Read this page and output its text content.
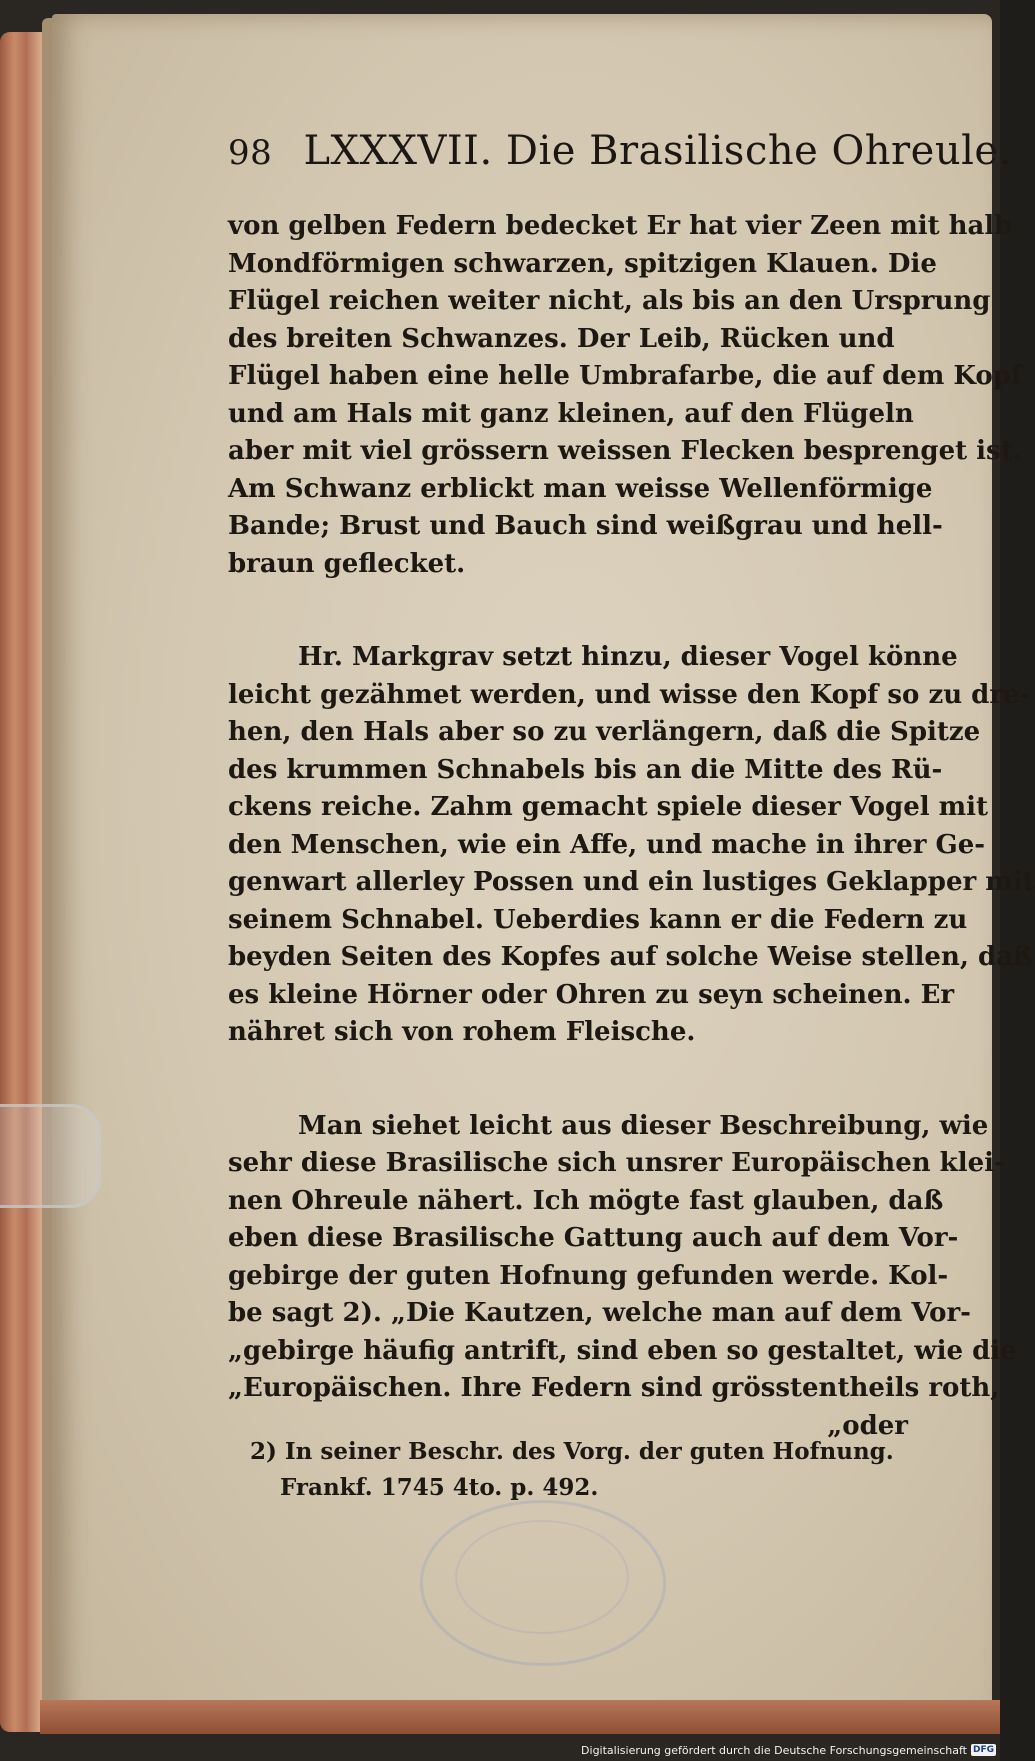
98 LXXXVII. Die Brasilische Ohreule.
von gelben Federn bedecket Er hat vier Zeen mit halb
Mondförmigen schwarzen, spitzigen Klauen. Die
Flügel reichen weiter nicht, als bis an den Ursprung
des breiten Schwanzes. Der Leib, Rücken und
Flügel haben eine helle Umbrafarbe, die auf dem Kopf
und am Hals mit ganz kleinen, auf den Flügeln
aber mit viel grössern weissen Flecken besprenget ist.
Am Schwanz erblickt man weisse Wellenförmige
Bande; Brust und Bauch sind weißgrau und hell-
braun geflecket.
Hr. Markgrav setzt hinzu, dieser Vogel könne
leicht gezähmet werden, und wisse den Kopf so zu dre-
hen, den Hals aber so zu verlängern, daß die Spitze
des krummen Schnabels bis an die Mitte des Rü-
ckens reiche. Zahm gemacht spiele dieser Vogel mit
den Menschen, wie ein Affe, und mache in ihrer Ge-
genwart allerley Possen und ein lustiges Geklapper mit
seinem Schnabel. Ueberdies kann er die Federn zu
beyden Seiten des Kopfes auf solche Weise stellen, daß
es kleine Hörner oder Ohren zu seyn scheinen. Er
nähret sich von rohem Fleische.
Man siehet leicht aus dieser Beschreibung, wie
sehr diese Brasilische sich unsrer Europäischen klei-
nen Ohreule nähert. Ich mögte fast glauben, daß
eben diese Brasilische Gattung auch auf dem Vor-
gebirge der guten Hofnung gefunden werde. Kol-
be sagt 2). „Die Kautzen, welche man auf dem Vor-
„gebirge häufig antrift, sind eben so gestaltet, wie die
„Europäischen. Ihre Federn sind grösstentheils roth,
„oder
2) In seiner Beschr. des Vorg. der guten Hofnung.
Frankf. 1745 4to. p. 492.
Digitalisierung gefördert durch die Deutsche Forschungsgemeinschaft DFG
